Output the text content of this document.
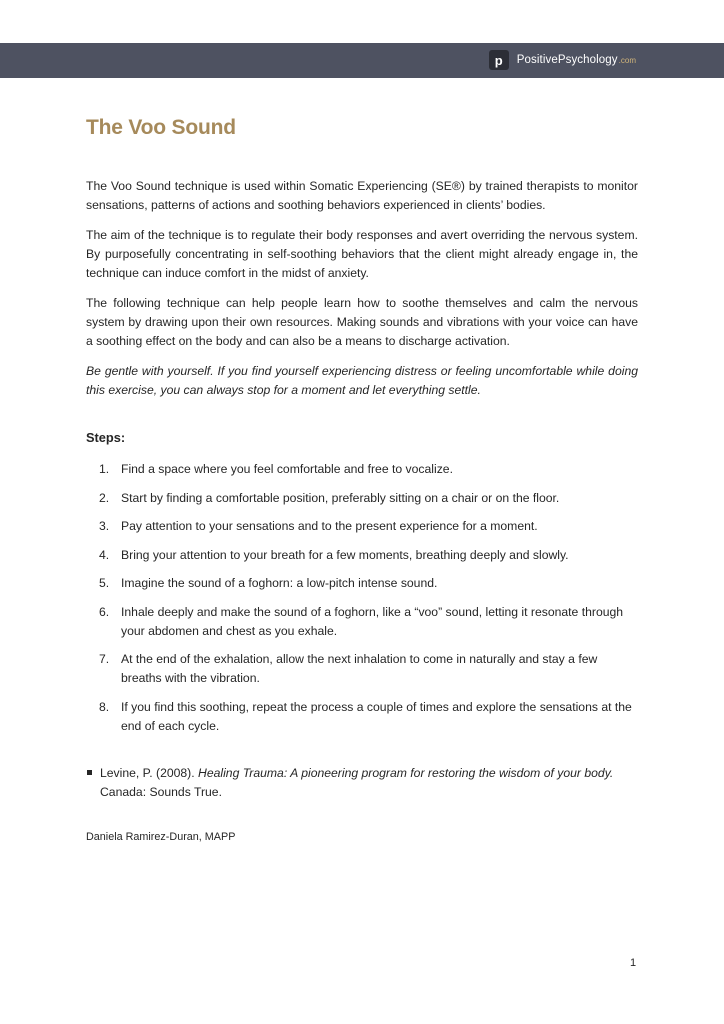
p	PositivePsychology .com
The Voo Sound

The Voo Sound technique is used within Somatic Experiencing (SE®) by trained therapists to monitor sensations, patterns of actions and soothing behaviors experienced in clients’ bodies.

The aim of the technique is to regulate their body responses and avert overriding the nervous system. By purposefully concentrating in self-soothing behaviors that the client might already engage in, the technique can induce comfort in the midst of anxiety.

The following technique can help people learn how to soothe themselves and calm the nervous system by drawing upon their own resources. Making sounds and vibrations with your voice can have a soothing effect on the body and can also be a means to discharge activation.

Be gentle with yourself. If you find yourself experiencing distress or feeling uncomfortable while doing this exercise, you can always stop for a moment and let everything settle.

Steps:
1. Find a space where you feel comfortable and free to vocalize.
2. Start by finding a comfortable position, preferably sitting on a chair or on the floor.
3. Pay attention to your sensations and to the present experience for a moment.
4. Bring your attention to your breath for a few moments, breathing deeply and slowly.
5. Imagine the sound of a foghorn: a low-pitch intense sound.
6. Inhale deeply and make the sound of a foghorn, like a “voo” sound, letting it resonate through your abdomen and chest as you exhale.
7. At the end of the exhalation, allow the next inhalation to come in naturally and stay a few breaths with the vibration.
8. If you find this soothing, repeat the process a couple of times and explore the sensations at the end of each cycle.
Levine, P. (2008). Healing Trauma: A pioneering program for restoring the wisdom of your body. Canada: Sounds True.
Daniela Ramirez-Duran, MAPP
1
